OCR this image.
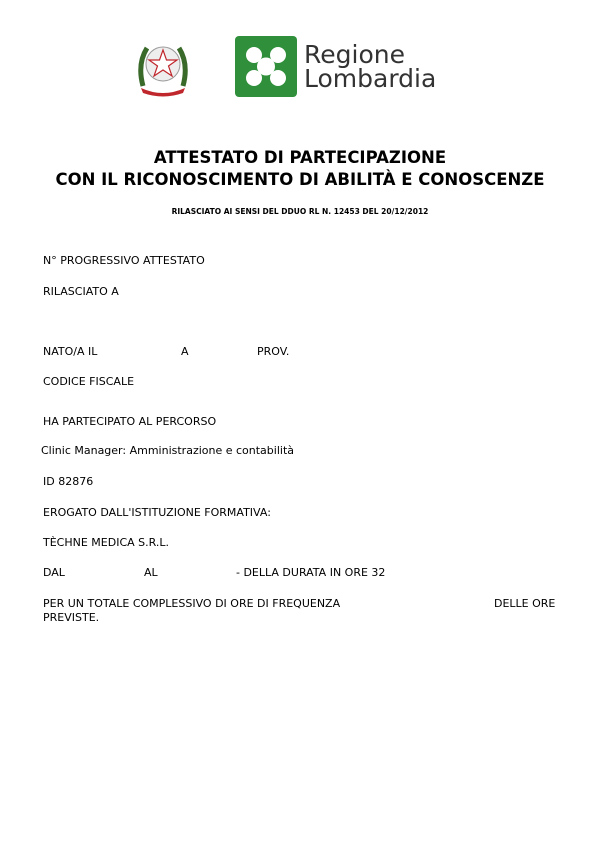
Regione
Lombardia
ATTESTATO DI PARTECIPAZIONE
CON IL RICONOSCIMENTO DI ABILITÀ E CONOSCENZE
RILASCIATO AI SENSI DEL DDUO RL N. 12453 DEL 20/12/2012
N° PROGRESSIVO ATTESTATO
RILASCIATO A
NATO/A IL	A	PROV.
CODICE FISCALE
HA PARTECIPATO AL PERCORSO
Clinic Manager: Amministrazione e contabilità
ID 82876
EROGATO DALL'ISTITUZIONE FORMATIVA:
TÈCHNE MEDICA S.R.L.
DAL	AL	- DELLA DURATA IN ORE 32
PER UN TOTALE COMPLESSIVO DI ORE DI FREQUENZA	DELLE ORE
PREVISTE.
